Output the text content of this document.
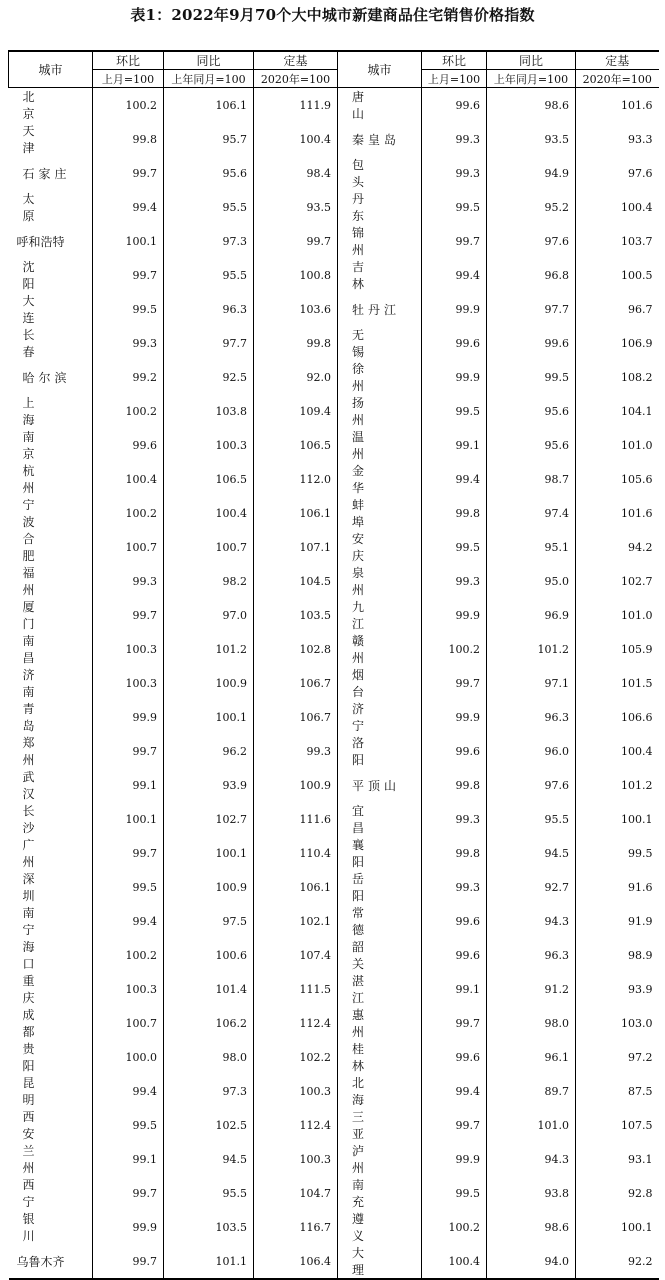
表1：2022年9月70个大中城市新建商品住宅销售价格指数
城市	环比	同比	定基	城市	环比	同比	定基
	上月=100	上年同月=100	2020年=100		上月=100	上年同月=100	2020年=100

北京	100.2	106.1	111.9	唐山	99.6	98.6	101.6

天津	99.8	95.7	100.4	秦皇岛	99.3	93.5	93.3

石家庄	99.7	95.6	98.4	包头	99.3	94.9	97.6

太原	99.4	95.5	93.5	丹东	99.5	95.2	100.4

呼和浩特	100.1	97.3	99.7	锦州	99.7	97.6	103.7

沈阳	99.7	95.5	100.8	吉林	99.4	96.8	100.5

大连	99.5	96.3	103.6	牡丹江	99.9	97.7	96.7

长春	99.3	97.7	99.8	无锡	99.6	99.6	106.9

哈尔滨	99.2	92.5	92.0	徐州	99.9	99.5	108.2

上海	100.2	103.8	109.4	扬州	99.5	95.6	104.1

南京	99.6	100.3	106.5	温州	99.1	95.6	101.0

杭州	100.4	106.5	112.0	金华	99.4	98.7	105.6

宁波	100.2	100.4	106.1	蚌埠	99.8	97.4	101.6

合肥	100.7	100.7	107.1	安庆	99.5	95.1	94.2

福州	99.3	98.2	104.5	泉州	99.3	95.0	102.7

厦门	99.7	97.0	103.5	九江	99.9	96.9	101.0

南昌	100.3	101.2	102.8	赣州	100.2	101.2	105.9

济南	100.3	100.9	106.7	烟台	99.7	97.1	101.5

青岛	99.9	100.1	106.7	济宁	99.9	96.3	106.6

郑州	99.7	96.2	99.3	洛阳	99.6	96.0	100.4

武汉	99.1	93.9	100.9	平顶山	99.8	97.6	101.2

长沙	100.1	102.7	111.6	宜昌	99.3	95.5	100.1

广州	99.7	100.1	110.4	襄阳	99.8	94.5	99.5

深圳	99.5	100.9	106.1	岳阳	99.3	92.7	91.6

南宁	99.4	97.5	102.1	常德	99.6	94.3	91.9

海口	100.2	100.6	107.4	韶关	99.6	96.3	98.9

重庆	100.3	101.4	111.5	湛江	99.1	91.2	93.9

成都	100.7	106.2	112.4	惠州	99.7	98.0	103.0

贵阳	100.0	98.0	102.2	桂林	99.6	96.1	97.2

昆明	99.4	97.3	100.3	北海	99.4	89.7	87.5

西安	99.5	102.5	112.4	三亚	99.7	101.0	107.5

兰州	99.1	94.5	100.3	泸州	99.9	94.3	93.1

西宁	99.7	95.5	104.7	南充	99.5	93.8	92.8

银川	99.9	103.5	116.7	遵义	100.2	98.6	100.1

乌鲁木齐	99.7	101.1	106.4	大理	100.4	94.0	92.2
